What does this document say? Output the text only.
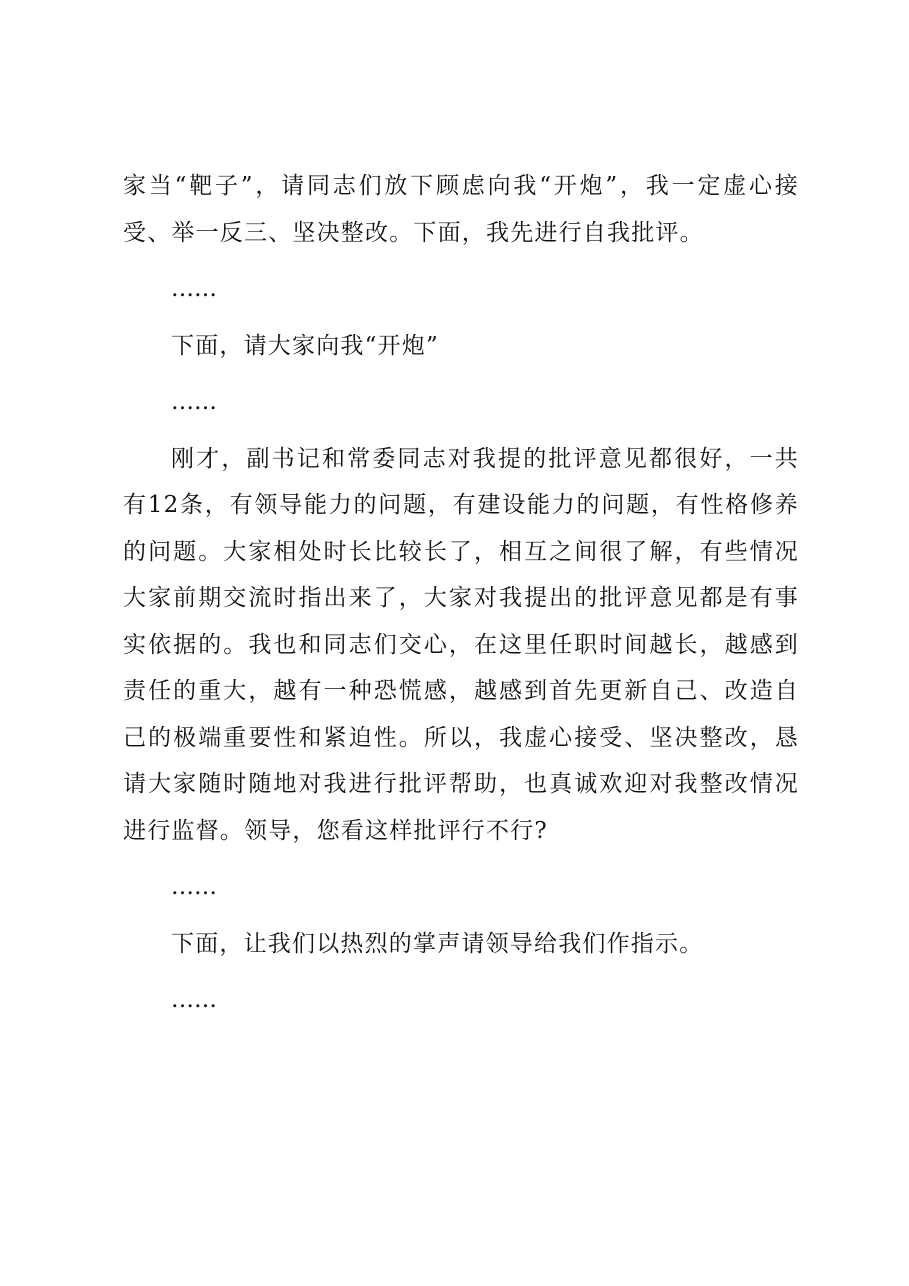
家当“靶子”，请同志们放下顾虑向我“开炮”，我一定虚心接受、举一反三、坚决整改。下面，我先进行自我批评。

……

下面，请大家向我“开炮”

……

刚才，副书记和常委同志对我提的批评意见都很好，一共有12条，有领导能力的问题，有建设能力的问题，有性格修养的问题。大家相处时长比较长了，相互之间很了解，有些情况大家前期交流时指出来了，大家对我提出的批评意见都是有事实依据的。我也和同志们交心，在这里任职时间越长，越感到责任的重大，越有一种恐慌感，越感到首先更新自己、改造自己的极端重要性和紧迫性。所以，我虚心接受、坚决整改，恳请大家随时随地对我进行批评帮助，也真诚欢迎对我整改情况进行监督。领导，您看这样批评行不行?

……

下面，让我们以热烈的掌声请领导给我们作指示。

……
